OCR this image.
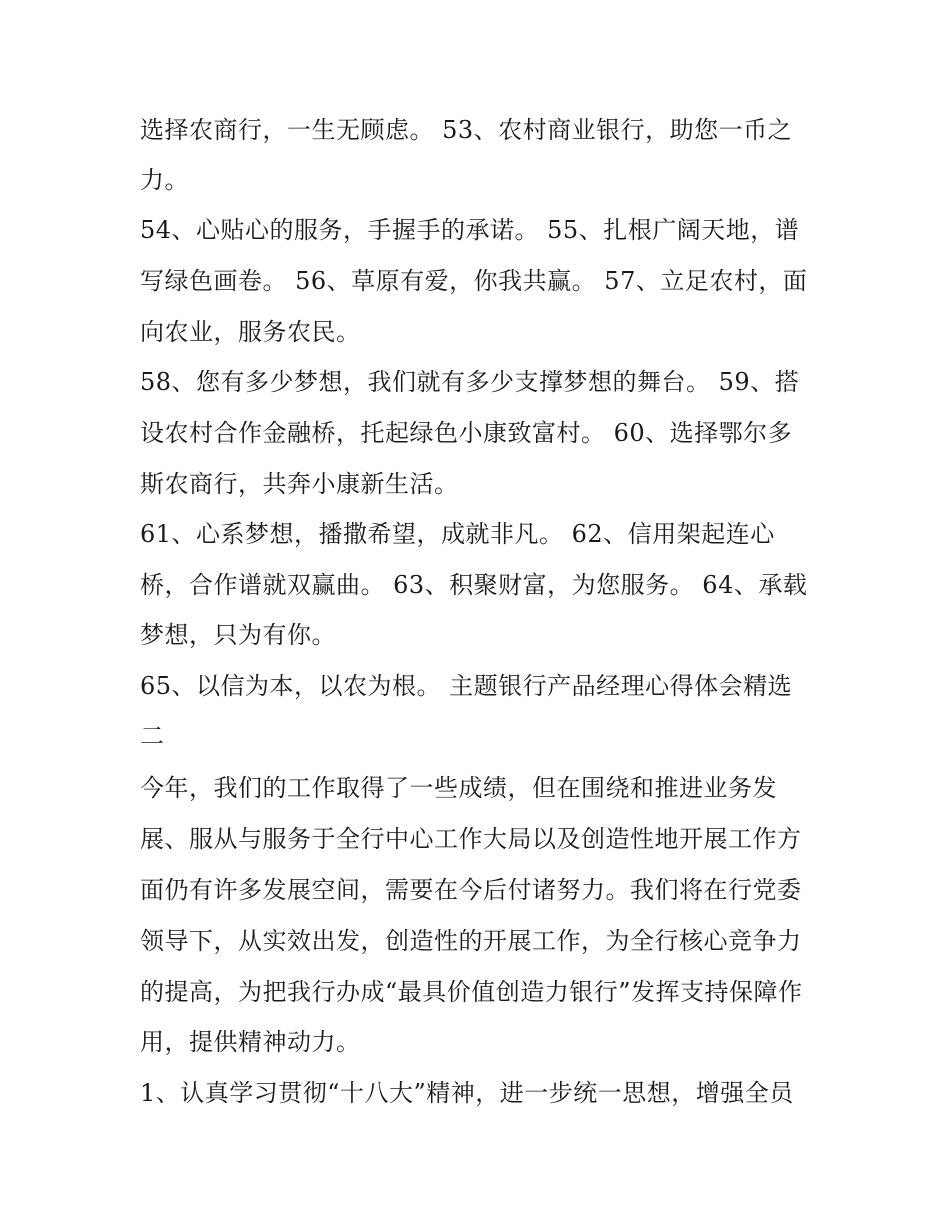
选择农商行，一生无顾虑。 53、农村商业银行，助您一币之
力。
54、心贴心的服务，手握手的承诺。 55、扎根广阔天地，谱
写绿色画卷。 56、草原有爱，你我共赢。 57、立足农村，面
向农业，服务农民。
58、您有多少梦想，我们就有多少支撑梦想的舞台。 59、搭
设农村合作金融桥，托起绿色小康致富村。 60、选择鄂尔多
斯农商行，共奔小康新生活。
61、心系梦想，播撒希望，成就非凡。 62、信用架起连心
桥，合作谱就双赢曲。 63、积聚财富，为您服务。 64、承载
梦想，只为有你。
65、以信为本，以农为根。 主题银行产品经理心得体会精选
二
今年，我们的工作取得了一些成绩，但在围绕和推进业务发
展、服从与服务于全行中心工作大局以及创造性地开展工作方
面仍有许多发展空间，需要在今后付诸努力。我们将在行党委
领导下，从实效出发，创造性的开展工作，为全行核心竞争力
的提高，为把我行办成“最具价值创造力银行”发挥支持保障作
用，提供精神动力。
1、认真学习贯彻“十八大”精神，进一步统一思想，增强全员
